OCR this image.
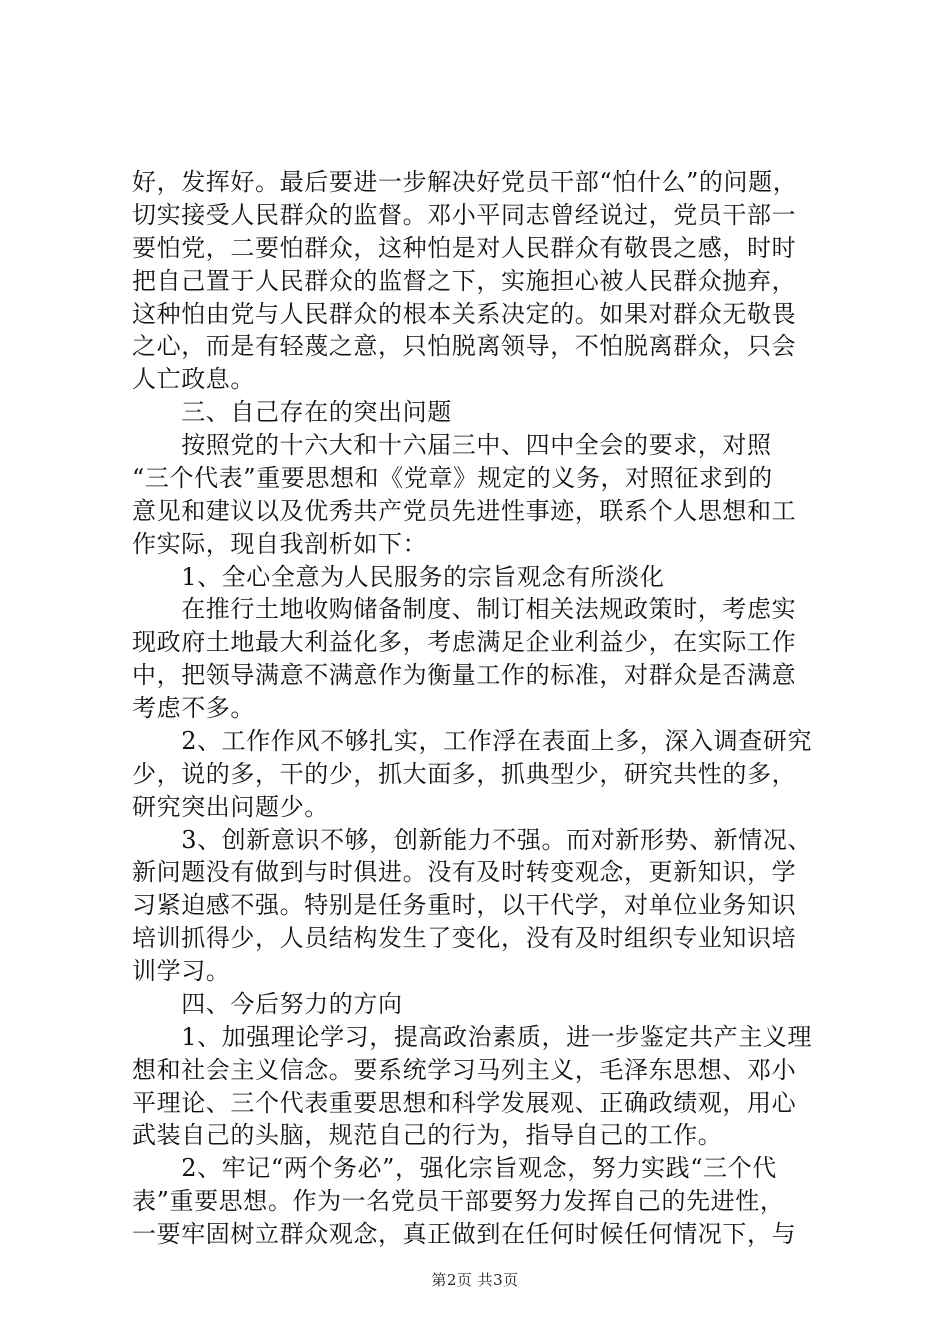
好，发挥好。最后要进一步解决好党员干部“怕什么”的问题，
切实接受人民群众的监督。邓小平同志曾经说过，党员干部一
要怕党，二要怕群众，这种怕是对人民群众有敬畏之感，时时
把自己置于人民群众的监督之下，实施担心被人民群众抛弃，
这种怕由党与人民群众的根本关系决定的。如果对群众无敬畏
之心，而是有轻蔑之意，只怕脱离领导，不怕脱离群众，只会
人亡政息。
　　三、自己存在的突出问题
　　按照党的十六大和十六届三中、四中全会的要求，对照
“三个代表”重要思想和《党章》规定的义务，对照征求到的
意见和建议以及优秀共产党员先进性事迹，联系个人思想和工
作实际，现自我剖析如下：
　　1、全心全意为人民服务的宗旨观念有所淡化
　　在推行土地收购储备制度、制订相关法规政策时，考虑实
现政府土地最大利益化多，考虑满足企业利益少，在实际工作
中，把领导满意不满意作为衡量工作的标准，对群众是否满意
考虑不多。
　　2、工作作风不够扎实，工作浮在表面上多，深入调查研究
少，说的多，干的少，抓大面多，抓典型少，研究共性的多，
研究突出问题少。
　　3、创新意识不够，创新能力不强。而对新形势、新情况、
新问题没有做到与时俱进。没有及时转变观念，更新知识，学
习紧迫感不强。特别是任务重时，以干代学，对单位业务知识
培训抓得少，人员结构发生了变化，没有及时组织专业知识培
训学习。
　　四、今后努力的方向
　　1、加强理论学习，提高政治素质，进一步鉴定共产主义理
想和社会主义信念。要系统学习马列主义，毛泽东思想、邓小
平理论、三个代表重要思想和科学发展观、正确政绩观，用心
武装自己的头脑，规范自己的行为，指导自己的工作。
　　2、牢记“两个务必”，强化宗旨观念，努力实践“三个代
表”重要思想。作为一名党员干部要努力发挥自己的先进性，
一要牢固树立群众观念，真正做到在任何时候任何情况下，与
第2页 共3页
